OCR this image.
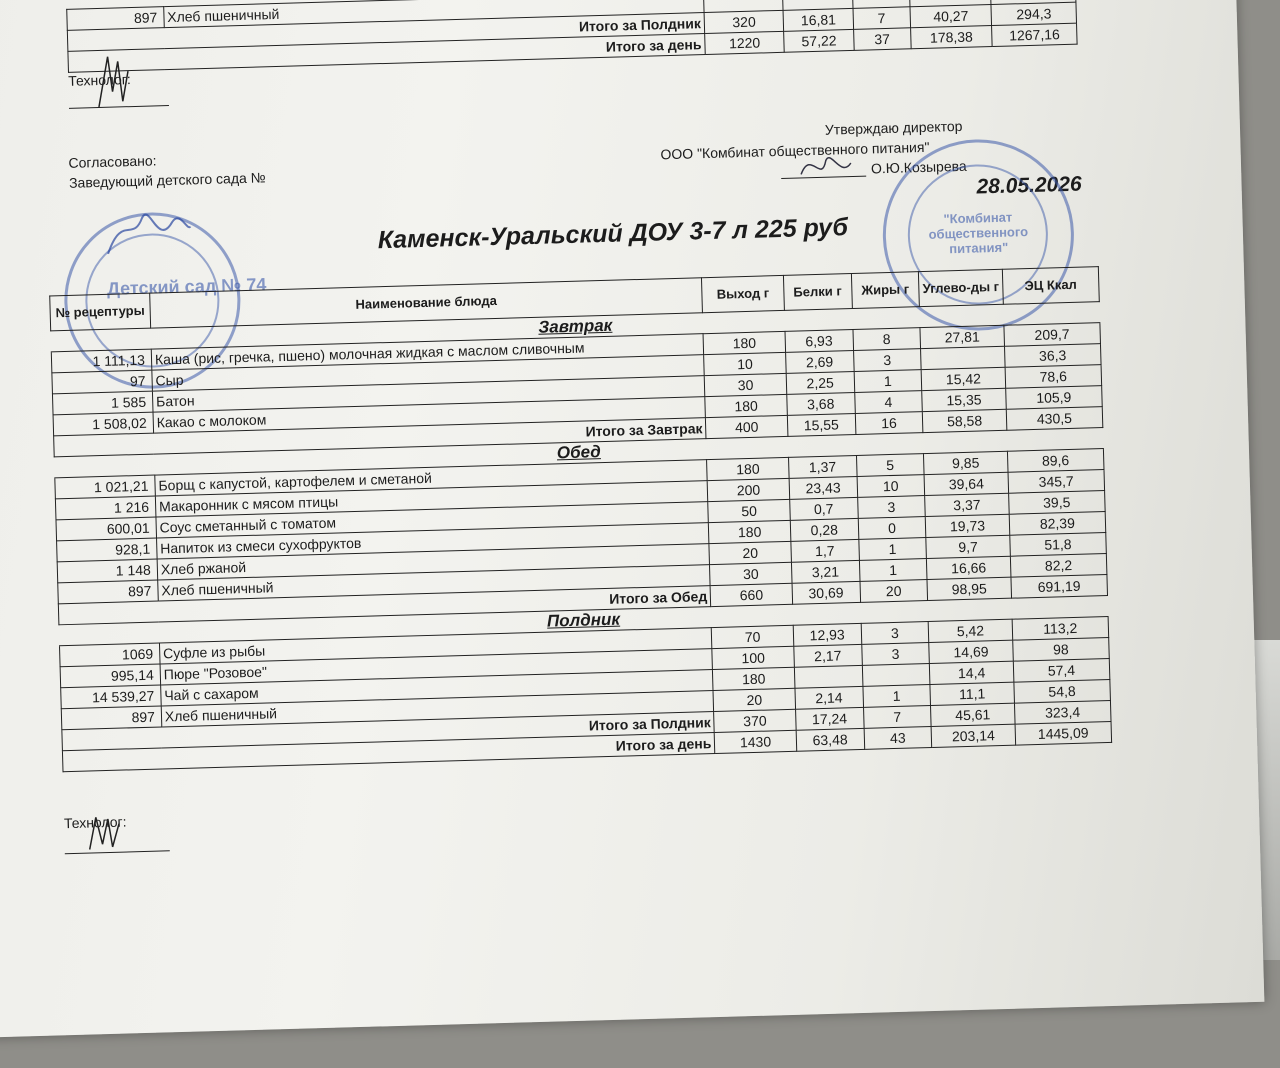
897	Хлеб пшеничный					
Итого за Полдник		320	16,81	7	40,27	294,3
Итого за день		1220	57,22	37	178,38	1267,16
Технолог:
Согласовано:
Заведующий детского сада №
Утверждаю директор
ООО "Комбинат общественного питания"
О.Ю.Козырева
28.05.2026
Каменск-Уральский ДОУ 3-7 л 225 руб
Детский сад № 74
"Комбинат общественного питания"
№ рецептуры	Наименование блюда	Выход г	Белки г	Жиры г	Углево-ды г	ЭЦ Ккал
Завтрак						
1 111,13	Каша (рис, гречка, пшено) молочная жидкая с маслом сливочным	180	6,93	8	27,81	209,7
97	Сыр	10	2,69	3		36,3
1 585	Батон	30	2,25	1	15,42	78,6
1 508,02	Какао с молоком	180	3,68	4	15,35	105,9
Итого за Завтрак		400	15,55	16	58,58	430,5
Обед						
1 021,21	Борщ с капустой, картофелем и сметаной	180	1,37	5	9,85	89,6
1 216	Макаронник с мясом птицы	200	23,43	10	39,64	345,7
600,01	Соус сметанный с томатом	50	0,7	3	3,37	39,5
928,1	Напиток из смеси сухофруктов	180	0,28	0	19,73	82,39
1 148	Хлеб ржаной	20	1,7	1	9,7	51,8
897	Хлеб пшеничный	30	3,21	1	16,66	82,2
Итого за Обед		660	30,69	20	98,95	691,19
Полдник						
1069	Суфле из рыбы	70	12,93	3	5,42	113,2
995,14	Пюре "Розовое"	100	2,17	3	14,69	98
14 539,27	Чай с сахаром	180			14,4	57,4
897	Хлеб пшеничный	20	2,14	1	11,1	54,8
Итого за Полдник		370	17,24	7	45,61	323,4
Итого за день		1430	63,48	43	203,14	1445,09
Технолог:
